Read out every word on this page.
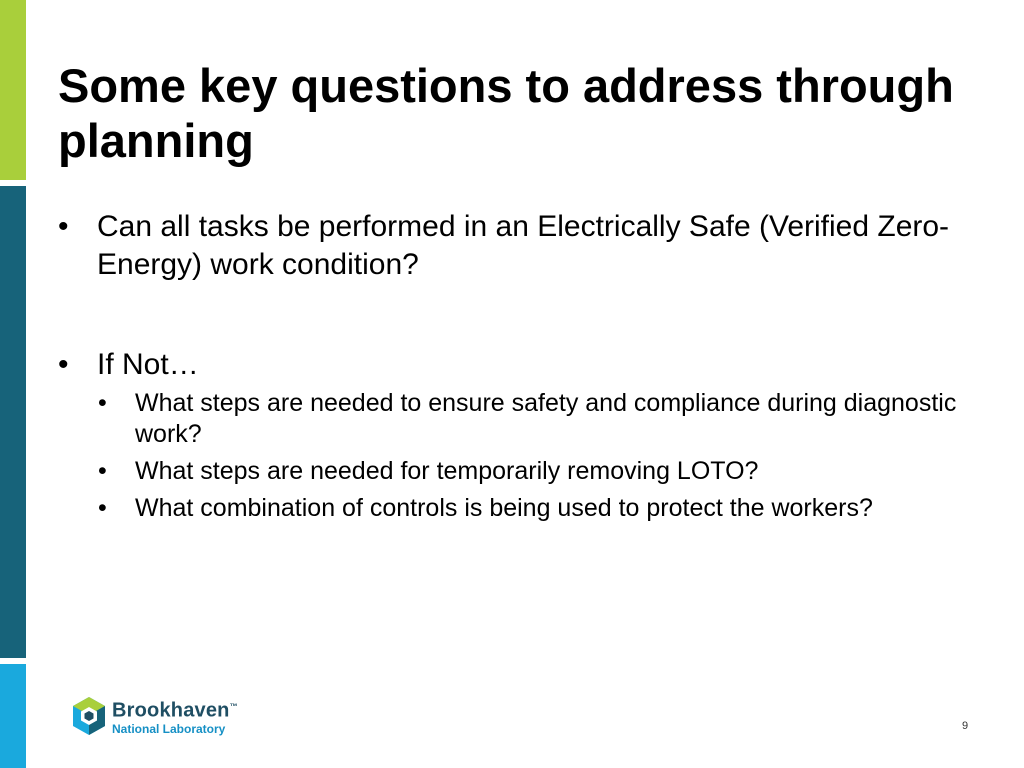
Some key questions to address through planning
• Can all tasks be performed in an Electrically Safe (Verified Zero-Energy) work condition?
• If Not…
• What steps are needed to ensure safety and compliance during diagnostic work?
• What steps are needed for temporarily removing LOTO?
• What combination of controls is being used to protect the workers?
Brookhaven™
National Laboratory	9
